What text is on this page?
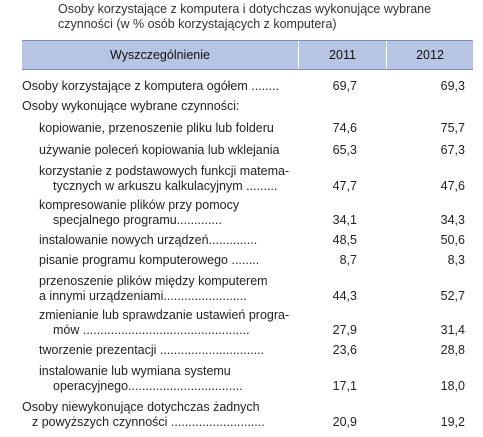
Osoby korzystające z komputera i dotychczas wykonujące wybrane
czynności (w % osób korzystających z komputera)
Wyszczególnienie	2011	2012
Osoby korzystające z komputera ogółem ........	69,7	69,3
Osoby wykonujące wybrane czynności:
kopiowanie, przenoszenie pliku lub folderu	74,6	75,7
używanie poleceń kopiowania lub wklejania	65,3	67,3
korzystanie z podstawowych funkcji matema-
tycznych w arkuszu kalkulacyjnym .........	47,7	47,6
kompresowanie plików przy pomocy
specjalnego programu.............	34,1	34,3
instalowanie nowych urządzeń..............	48,5	50,6
pisanie programu komputerowego ........	8,7	8,3
przenoszenie plików między komputerem
a innymi urządzeniami........................	44,3	52,7
zmienianie lub sprawdzanie ustawień progra-
mów ................................................	27,9	31,4
tworzenie prezentacji ..............................	23,6	28,8
instalowanie lub wymiana systemu
operacyjnego.................................	17,1	18,0
Osoby niewykonujące dotychczas żadnych
z powyższych czynności ...........................	20,9	19,2
